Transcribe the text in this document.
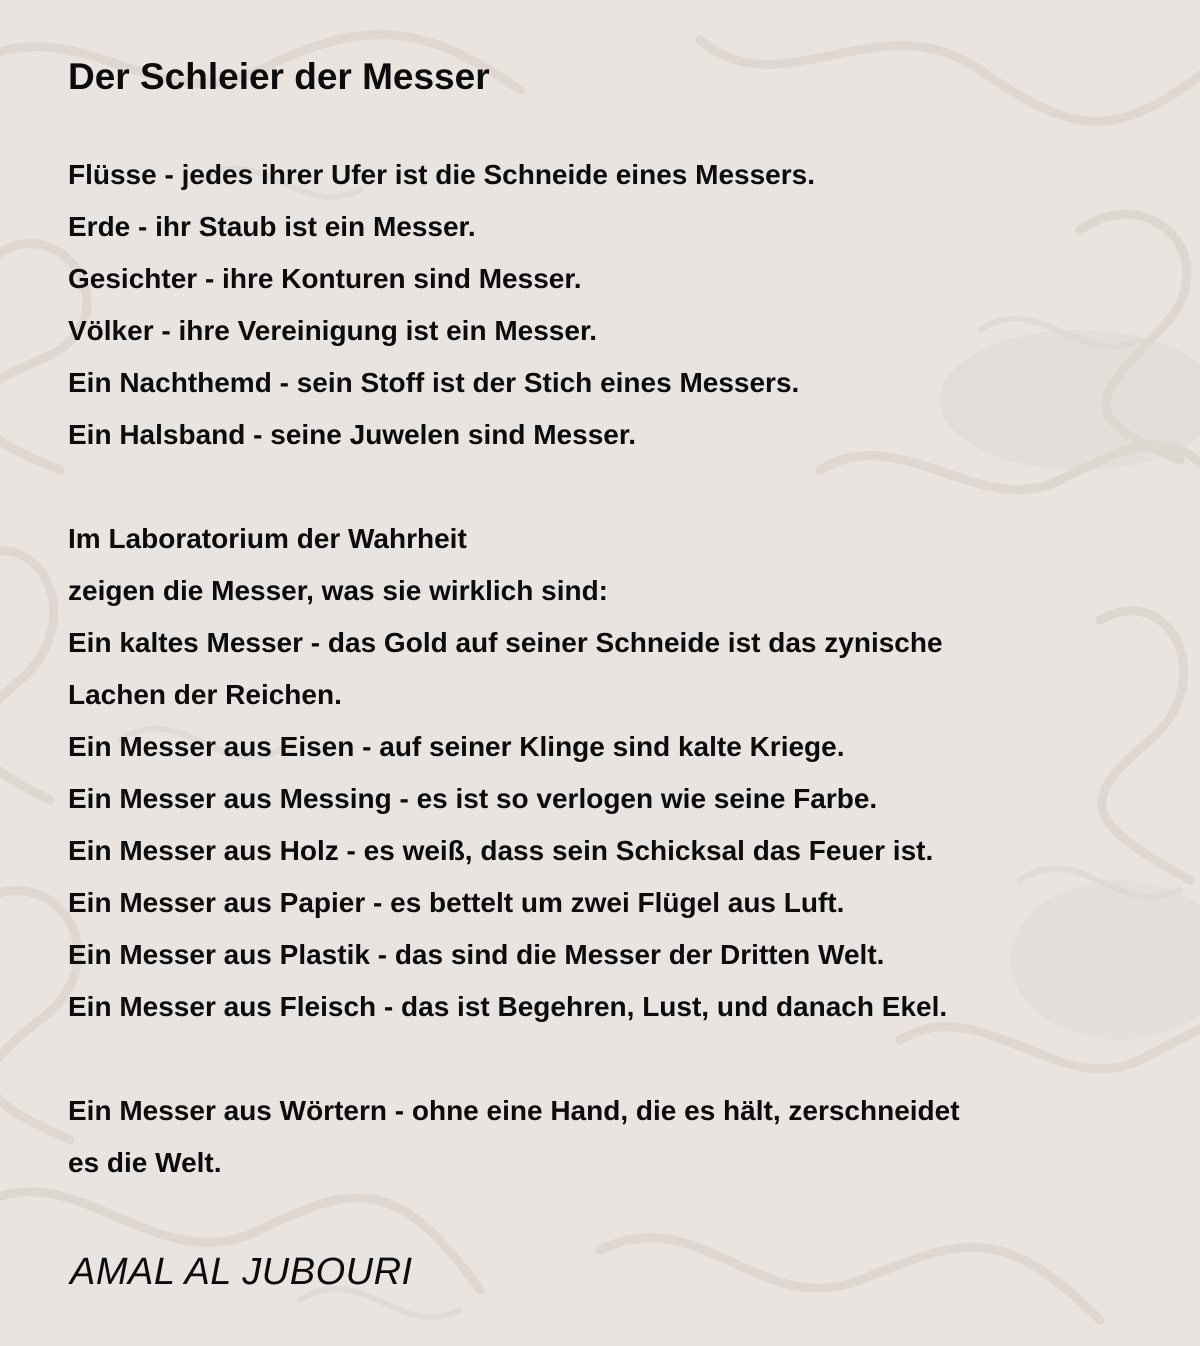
Der Schleier der Messer
Flüsse - jedes ihrer Ufer ist die Schneide eines Messers.
Erde - ihr Staub ist ein Messer.
Gesichter - ihre Konturen sind Messer.
Völker - ihre Vereinigung ist ein Messer.
Ein Nachthemd - sein Stoff ist der Stich eines Messers.
Ein Halsband - seine Juwelen sind Messer.
Im Laboratorium der Wahrheit
zeigen die Messer, was sie wirklich sind:
Ein kaltes Messer - das Gold auf seiner Schneide ist das zynische
Lachen der Reichen.
Ein Messer aus Eisen - auf seiner Klinge sind kalte Kriege.
Ein Messer aus Messing - es ist so verlogen wie seine Farbe.
Ein Messer aus Holz - es weiß, dass sein Schicksal das Feuer ist.
Ein Messer aus Papier - es bettelt um zwei Flügel aus Luft.
Ein Messer aus Plastik - das sind die Messer der Dritten Welt.
Ein Messer aus Fleisch - das ist Begehren, Lust, und danach Ekel.
Ein Messer aus Wörtern - ohne eine Hand, die es hält, zerschneidet
es die Welt.
AMAL AL JUBOURI
